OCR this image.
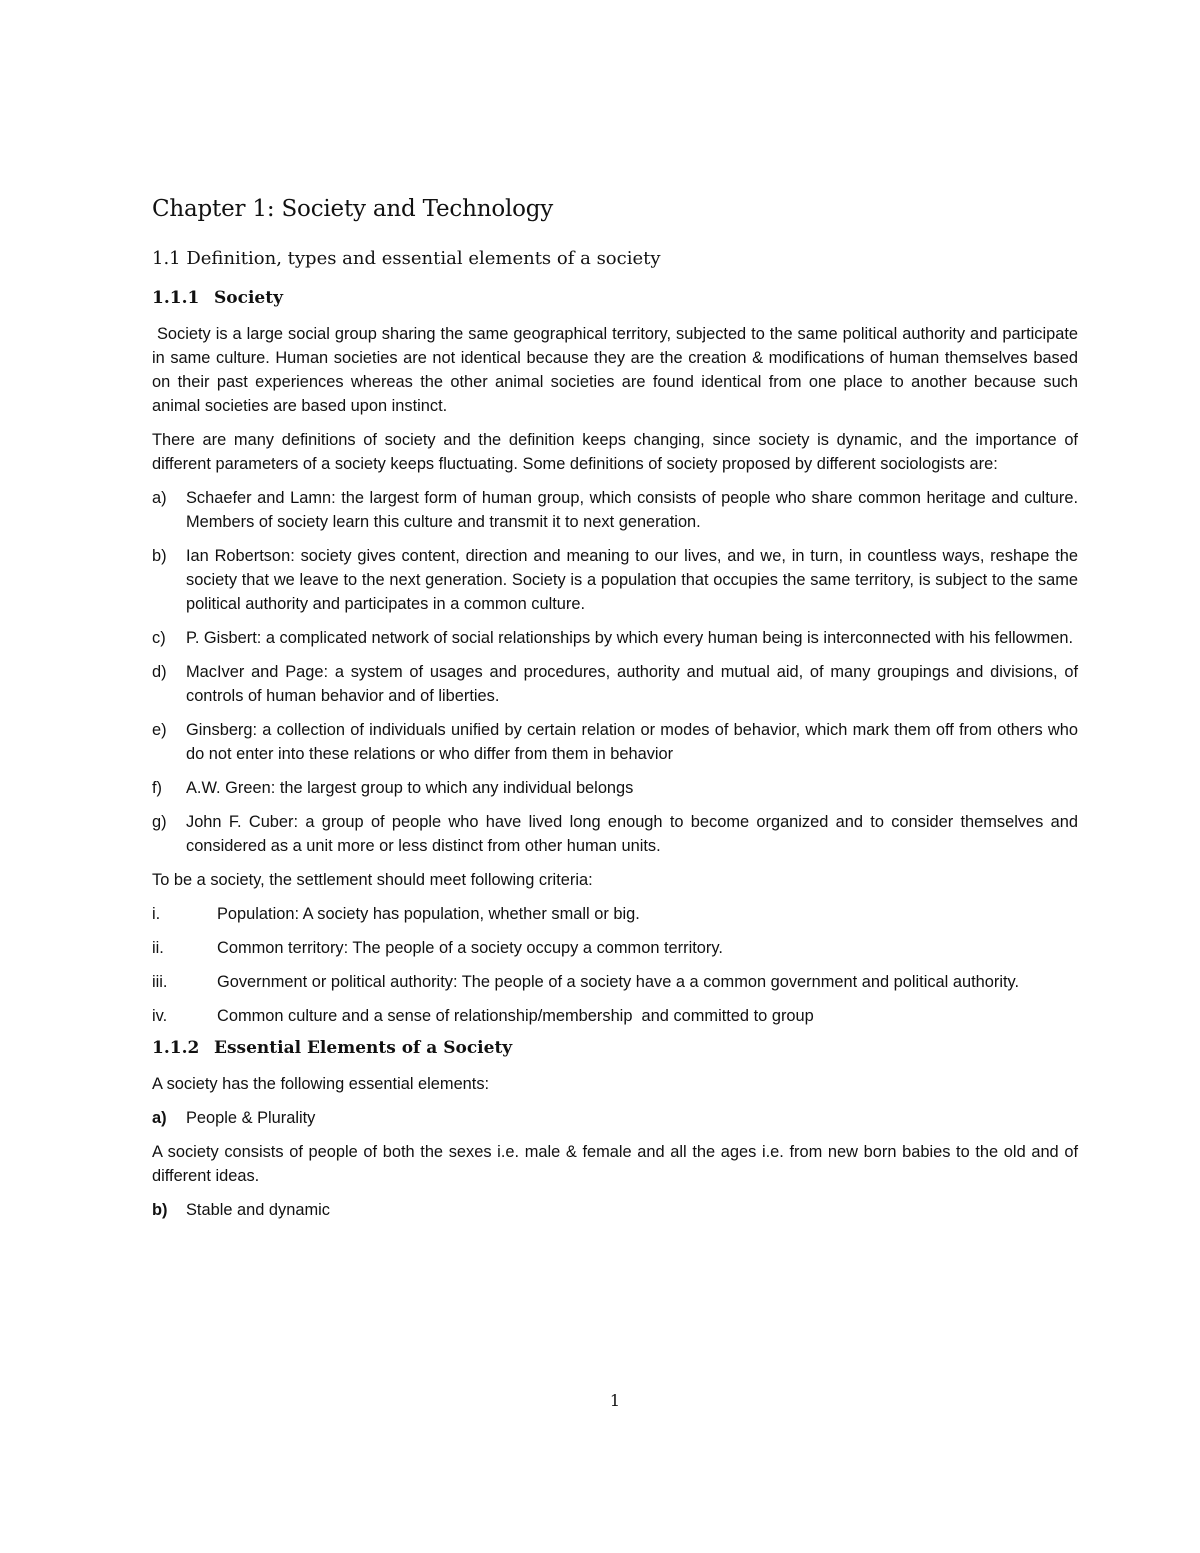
Chapter 1: Society and Technology
1.1 Definition, types and essential elements of a society
1.1.1 Society

Society is a large social group sharing the same geographical territory, subjected to the same political authority and participate in same culture. Human societies are not identical because they are the creation & modifications of human themselves based on their past experiences whereas the other animal societies are found identical from one place to another because such animal societies are based upon instinct.

There are many definitions of society and the definition keeps changing, since society is dynamic, and the importance of different parameters of a society keeps fluctuating. Some definitions of society proposed by different sociologists are:

a)	Schaefer and Lamn: the largest form of human group, which consists of people who share common heritage and culture. Members of society learn this culture and transmit it to next generation.
b)	Ian Robertson: society gives content, direction and meaning to our lives, and we, in turn, in countless ways, reshape the society that we leave to the next generation. Society is a population that occupies the same territory, is subject to the same political authority and participates in a common culture.
c)	P. Gisbert: a complicated network of social relationships by which every human being is interconnected with his fellowmen.
d)	MacIver and Page: a system of usages and procedures, authority and mutual aid, of many groupings and divisions, of controls of human behavior and of liberties.
e)	Ginsberg: a collection of individuals unified by certain relation or modes of behavior, which mark them off from others who do not enter into these relations or who differ from them in behavior
f)	A.W. Green: the largest group to which any individual belongs
g)	John F. Cuber: a group of people who have lived long enough to become organized and to consider themselves and considered as a unit more or less distinct from other human units.

To be a society, the settlement should meet following criteria:

i.	Population: A society has population, whether small or big.
ii.	Common territory: The people of a society occupy a common territory.
iii.	Government or political authority: The people of a society have a a common government and political authority.
iv.	Common culture and a sense of relationship/membership  and committed to group
1.1.2 Essential Elements of a Society

A society has the following essential elements:

a)	People & Plurality

A society consists of people of both the sexes i.e. male & female and all the ages i.e. from new born babies to the old and of different ideas.

b)	Stable and dynamic
1
